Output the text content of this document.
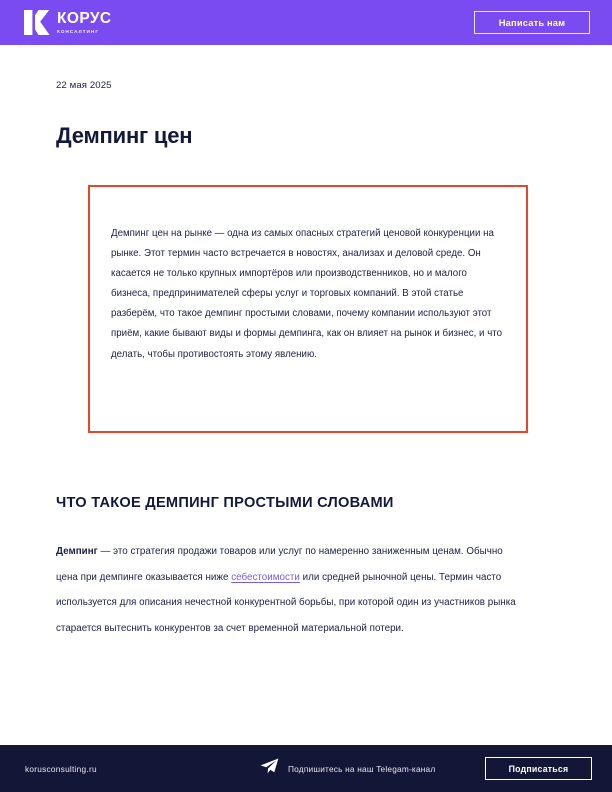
КОРУС
КОНСАЛТИНГ
Написать нам
22 мая 2025
Демпинг цен
Демпинг цен на рынке — одна из самых опасных стратегий ценовой конкуренции на рынке. Этот термин часто встречается в новостях, анализах и деловой среде. Он касается не только крупных импортёров или производственников, но и малого бизнеса, предпринимателей сферы услуг и торговых компаний. В этой статье разберём, что такое демпинг простыми словами, почему компании используют этот приём, какие бывают виды и формы демпинга, как он влияет на рынок и бизнес, и что делать, чтобы противостоять этому явлению.
ЧТО ТАКОЕ ДЕМПИНГ ПРОСТЫМИ СЛОВАМИ

Демпинг — это стратегия продажи товаров или услуг по намеренно заниженным ценам. Обычно цена при демпинге оказывается ниже себестоимости или средней рыночной цены. Термин часто используется для описания нечестной конкурентной борьбы, при которой один из участников рынка старается вытеснить конкурентов за счет временной материальной потери.

korusconsulting.ru	Подпишитесь на наш Telegam-канал	Подписаться
